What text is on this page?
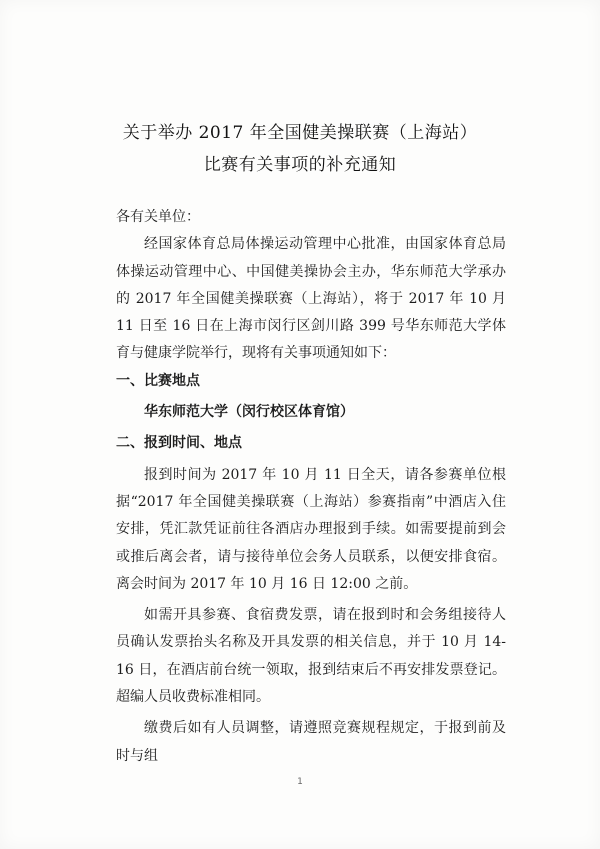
关于举办 2017 年全国健美操联赛（上海站）
比赛有关事项的补充通知

各有关单位：

经国家体育总局体操运动管理中心批准，由国家体育总局体操运动管理中心、中国健美操协会主办，华东师范大学承办的 2017 年全国健美操联赛（上海站），将于 2017 年 10 月 11 日至 16 日在上海市闵行区剑川路 399 号华东师范大学体育与健康学院举行，现将有关事项通知如下：

一、比赛地点

华东师范大学（闵行校区体育馆）

二、报到时间、地点

报到时间为 2017 年 10 月 11 日全天，请各参赛单位根据“2017 年全国健美操联赛（上海站）参赛指南”中酒店入住安排，凭汇款凭证前往各酒店办理报到手续。如需要提前到会或推后离会者，请与接待单位会务人员联系，以便安排食宿。离会时间为 2017 年 10 月 16 日 12:00 之前。

如需开具参赛、食宿费发票，请在报到时和会务组接待人员确认发票抬头名称及开具发票的相关信息，并于 10 月 14-16 日，在酒店前台统一领取，报到结束后不再安排发票登记。超编人员收费标准相同。

缴费后如有人员调整，请遵照竞赛规程规定，于报到前及时与组

1
